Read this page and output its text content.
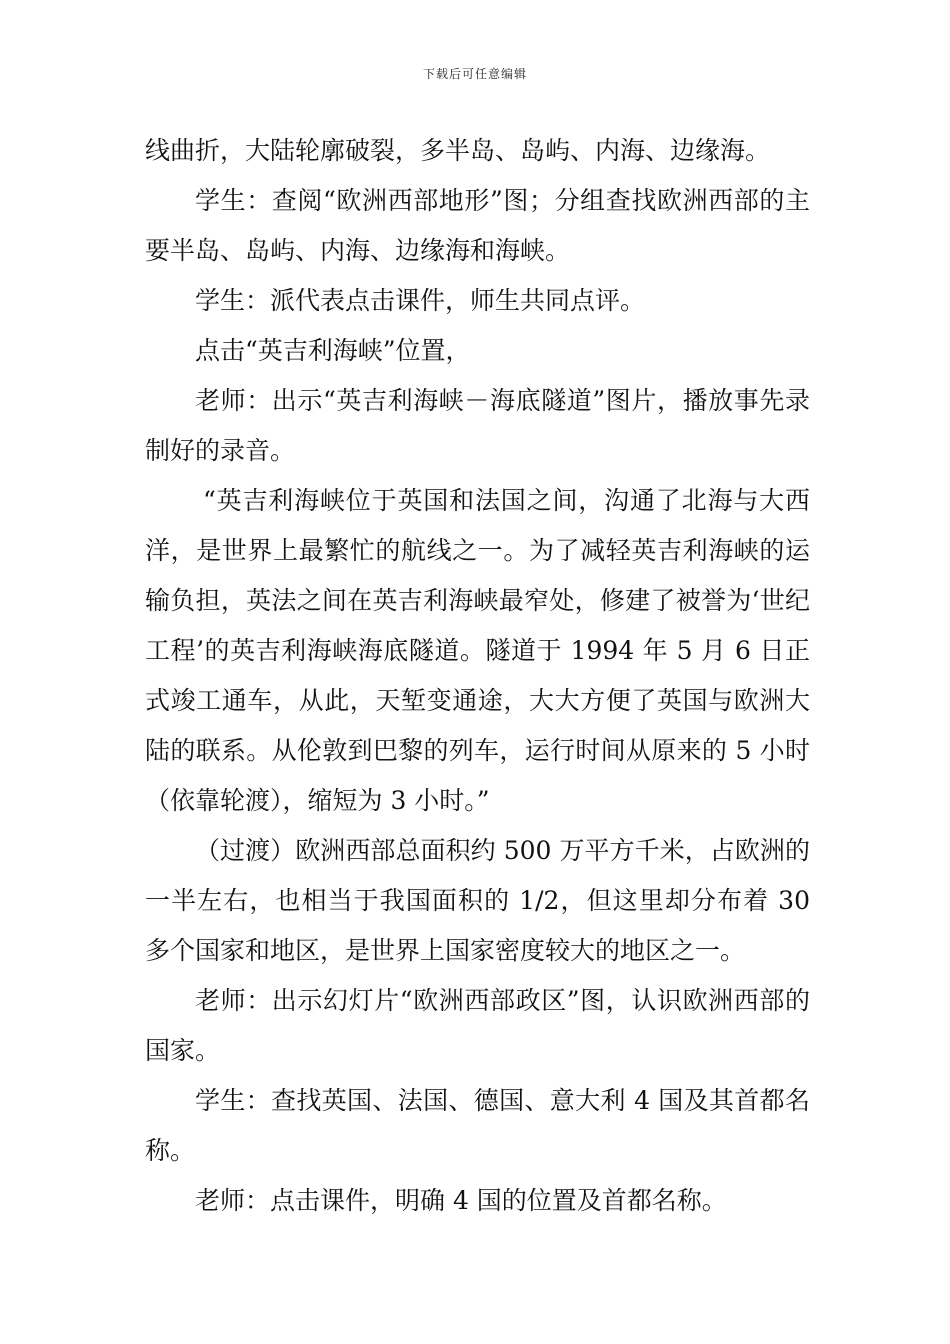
下载后可任意编辑

线曲折，大陆轮廓破裂，多半岛、岛屿、内海、边缘海。

学生：查阅“欧洲西部地形”图；分组查找欧洲西部的主要半岛、岛屿、内海、边缘海和海峡。

学生：派代表点击课件，师生共同点评。

点击“英吉利海峡”位置，

老师：出示“英吉利海峡－海底隧道”图片，播放事先录制好的录音。

“英吉利海峡位于英国和法国之间，沟通了北海与大西洋，是世界上最繁忙的航线之一。为了减轻英吉利海峡的运输负担，英法之间在英吉利海峡最窄处，修建了被誉为‘世纪工程’的英吉利海峡海底隧道。隧道于 1994 年 5 月 6 日正式竣工通车，从此，天堑变通途，大大方便了英国与欧洲大陆的联系。从伦敦到巴黎的列车，运行时间从原来的 5 小时（依靠轮渡），缩短为 3 小时。”

（过渡）欧洲西部总面积约 500 万平方千米，占欧洲的一半左右，也相当于我国面积的 1/2，但这里却分布着 30 多个国家和地区，是世界上国家密度较大的地区之一。

老师：出示幻灯片“欧洲西部政区”图，认识欧洲西部的国家。

学生：查找英国、法国、德国、意大利 4 国及其首都名称。

老师：点击课件，明确 4 国的位置及首都名称。
